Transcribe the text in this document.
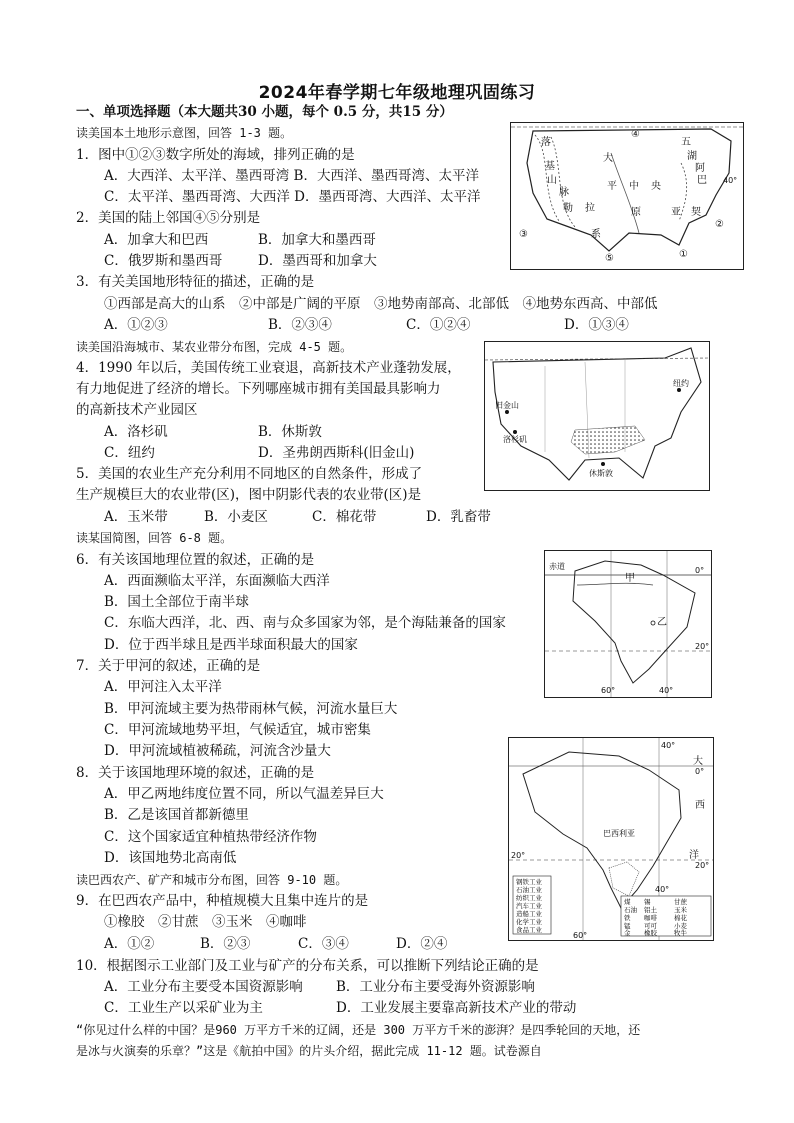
2024年春学期七年级地理巩固练习
一、单项选择题（本大题共30 小题，每个 0.5 分，共15 分）
读美国本土地形示意图，回答 1-3 题。
1．图中①②③数字所处的海域，排列正确的是
A．大西洋、太平洋、墨西哥湾 B．大西洋、墨西哥湾、太平洋
C．太平洋、墨西哥湾、大西洋 D．墨西哥湾、大西洋、太平洋
2．美国的陆上邻国④⑤分别是
A．加拿大和巴西	B．加拿大和墨西哥
C．俄罗斯和墨西哥	D．墨西哥和加拿大
3．有关美国地形特征的描述，正确的是
①西部是高大的山系　②中部是广阔的平原　③地势南部高、北部低　④地势东西高、中部低
A．①②③	B．②③④	C．①②④	D．①③④
读美国沿海城市、某农业带分布图，完成 4-5 题。
4．1990 年以后，美国传统工业衰退，高新技术产业蓬勃发展，
有力地促进了经济的增长。下列哪座城市拥有美国最具影响力
的高新技术产业园区
A．洛杉矶	B．休斯敦
C．纽约	D．圣弗朗西斯科(旧金山)
5．美国的农业生产充分利用不同地区的自然条件，形成了
生产规模巨大的农业带(区)，图中阴影代表的农业带(区)是
A．玉米带	B．小麦区	C．棉花带	D．乳畜带
读某国简图，回答 6-8 题。
6．有关该国地理位置的叙述，正确的是
A．西面濒临太平洋，东面濒临大西洋
B．国土全部位于南半球
C．东临大西洋，北、西、南与众多国家为邻，是个海陆兼备的国家
D．位于西半球且是西半球面积最大的国家
7．关于甲河的叙述，正确的是
A．甲河注入太平洋
B．甲河流域主要为热带雨林气候，河流水量巨大
C．甲河流域地势平坦，气候适宜，城市密集
D．甲河流域植被稀疏，河流含沙量大
8．关于该国地理环境的叙述，正确的是
A．甲乙两地纬度位置不同，所以气温差异巨大
B．乙是该国首都新德里
C．这个国家适宜种植热带经济作物
D．该国地势北高南低
读巴西农产、矿产和城市分布图，回答 9-10 题。
9．在巴西农产品中，种植规模大且集中连片的是
①橡胶　②甘蔗　③玉米　④咖啡
A．①②	B．②③	C．③④	D．②④
10．根据图示工业部门及工业与矿产的分布关系，可以推断下列结论正确的是
A．工业分布主要受本国资源影响 B．工业分布主要受海外资源影响
C．工业生产以采矿业为主	D．工业发展主要靠高新技术产业的带动
“你见过什么样的中国？是960 万平方千米的辽阔，还是 300 万平方千米的澎湃？是四季轮回的天地，还
是冰与火演奏的乐章？”这是《航拍中国》的片头介绍，据此完成 11-12 题。试卷源自
落
基
山
脉
大
平
原
中 央
五
湖
阿
巴
拉	契
亚
勒
系
④
①
②
③
⑤
40°
旧金山
洛杉矶
纽约
休斯敦
赤道
甲
乙
0°
20°
60°	40°
40°
大
西
洋
巴西利亚
0°
20°
20°
40°
60°
钢铁工业
石油工业
纺织工业
汽车工业
造船工业
化学工业
食品工业
煤
石油
铁
锰
金
锡
铝土
咖啡
可可
橡胶
甘蔗
玉米
棉花
小麦
牧牛
